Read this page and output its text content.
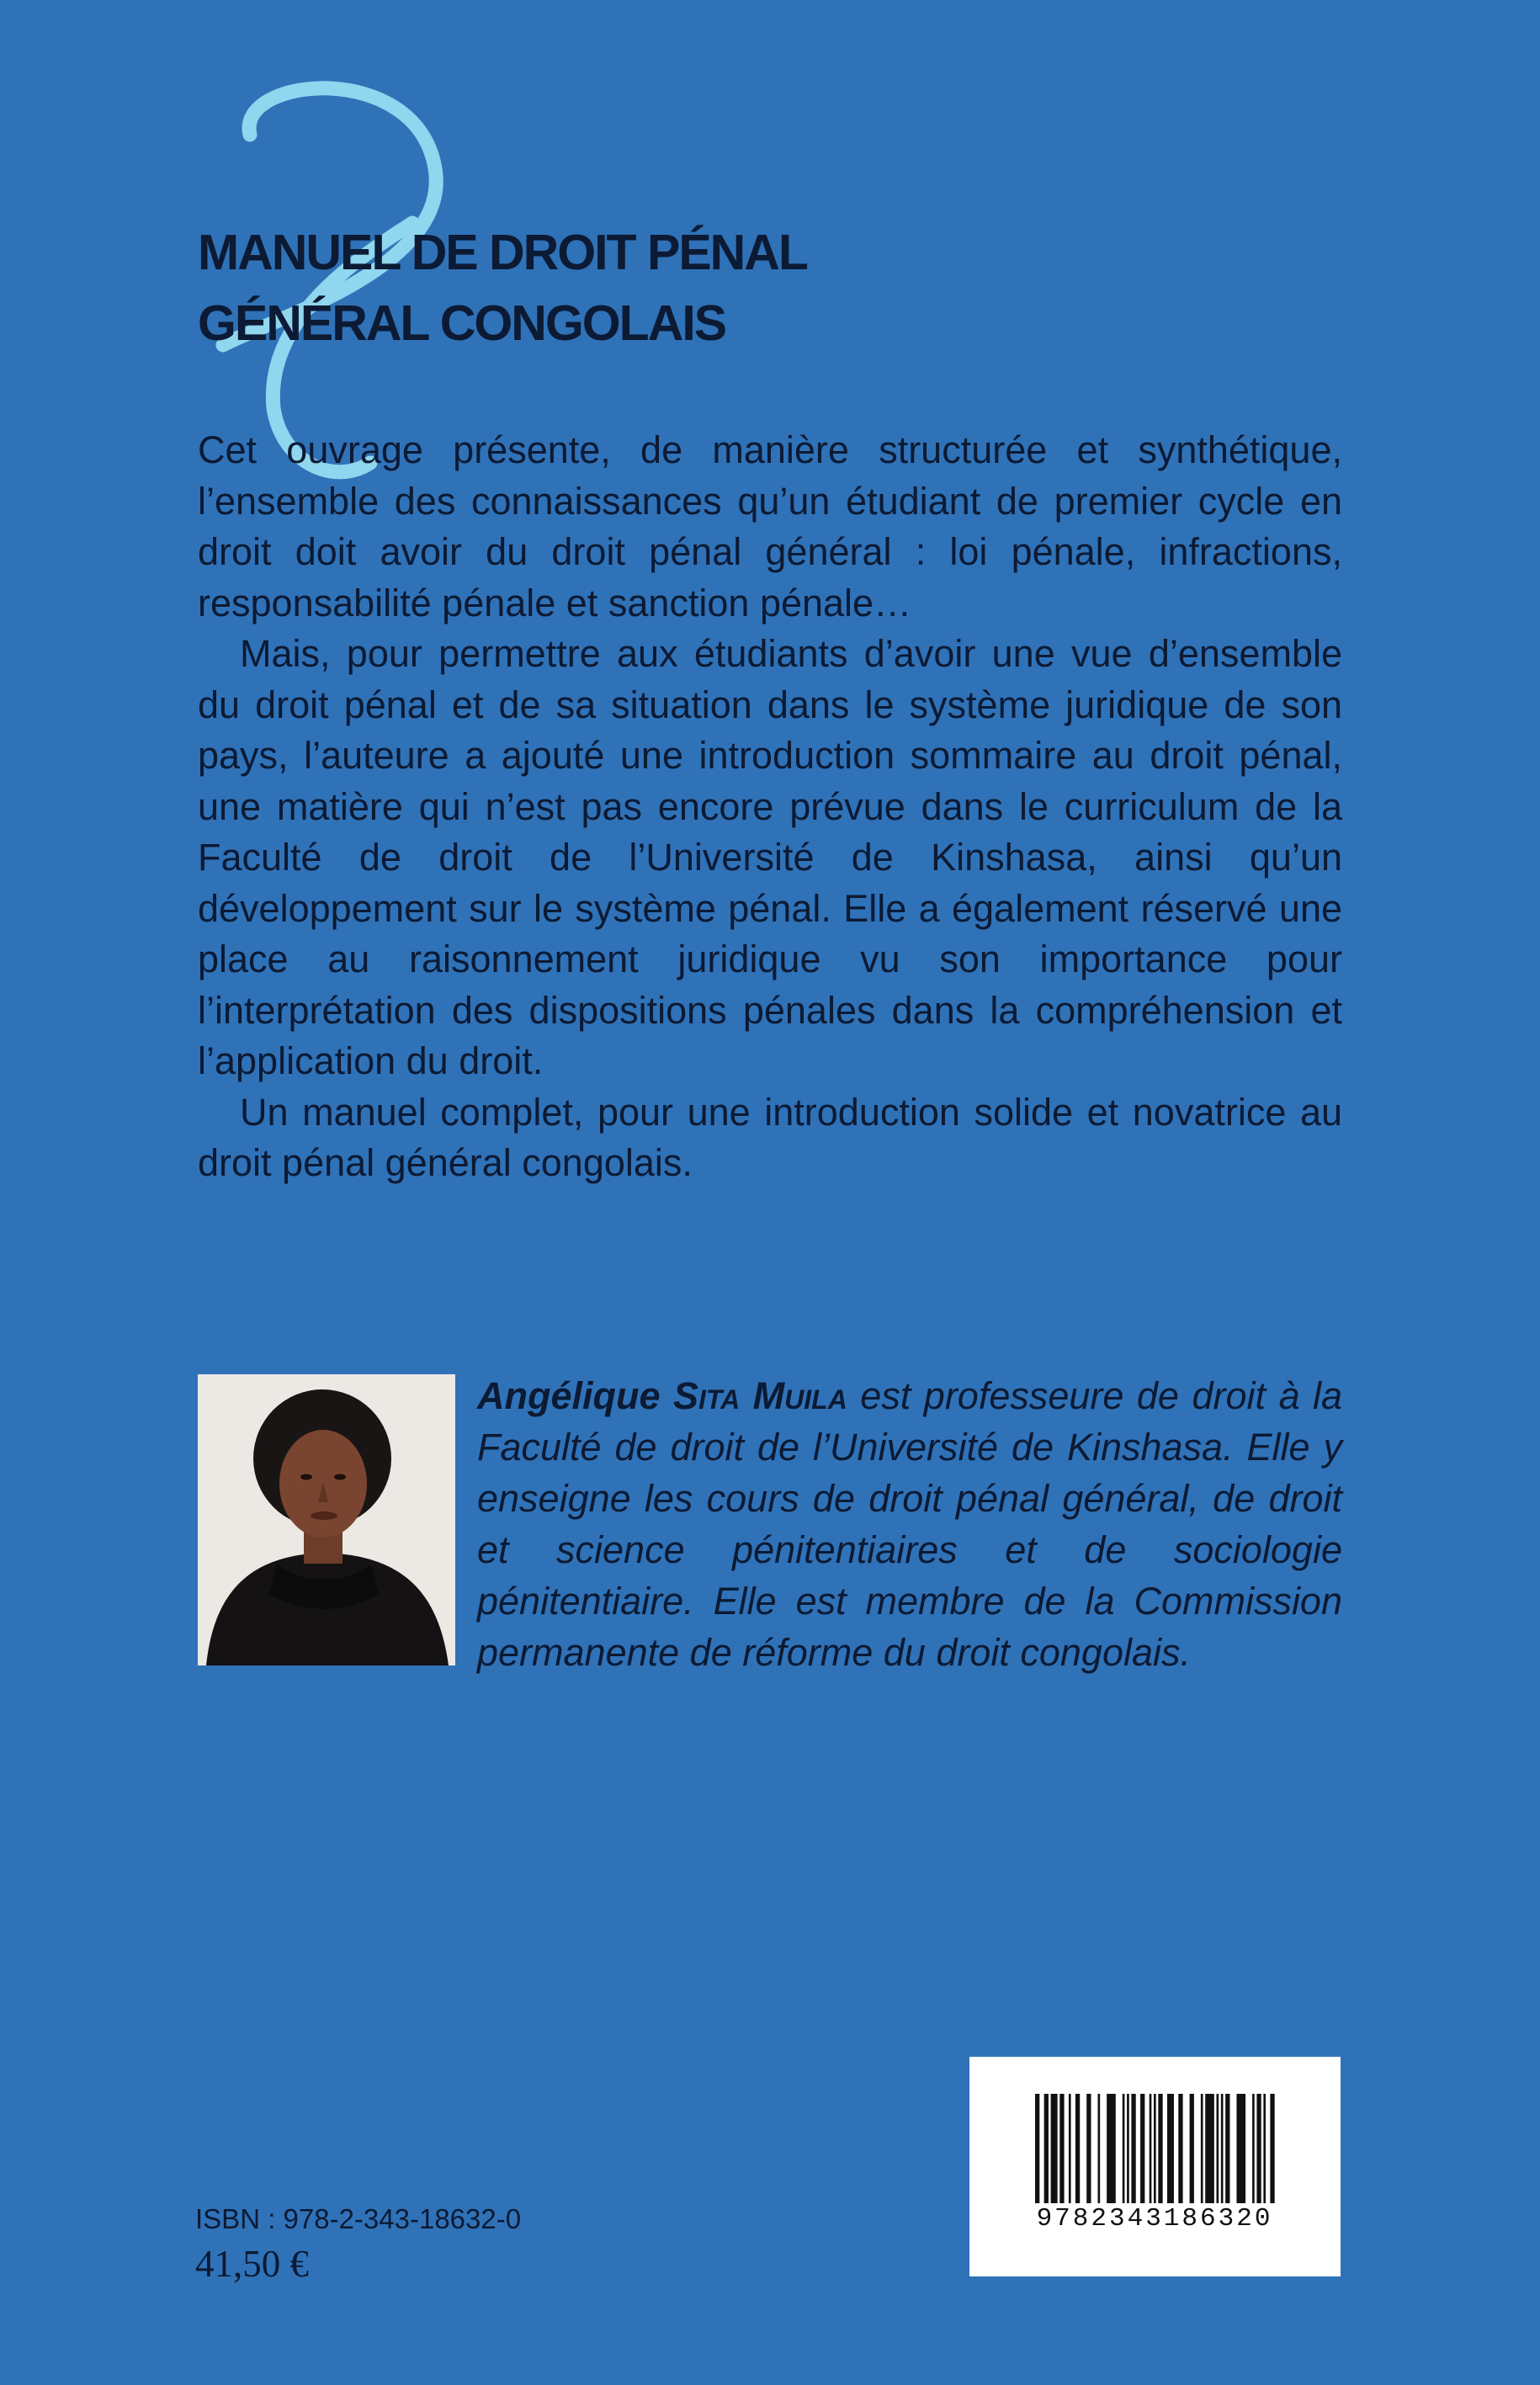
MANUEL DE DROIT PÉNAL
GÉNÉRAL CONGOLAIS

Cet ouvrage présente, de manière structurée et synthétique, l’ensemble des connaissances qu’un étudiant de premier cycle en droit doit avoir du droit pénal général : loi pénale, infractions, responsabilité pénale et sanction pénale…

Mais, pour permettre aux étudiants d’avoir une vue d’ensemble du droit pénal et de sa situation dans le système juridique de son pays, l’auteure a ajouté une introduction sommaire au droit pénal, une matière qui n’est pas encore prévue dans le curriculum de la Faculté de droit de l’Université de Kinshasa, ainsi qu’un développement sur le système pénal. Elle a également réservé une place au raisonnement juridique vu son importance pour l’interprétation des dispositions pénales dans la compréhension et l’application du droit.

Un manuel complet, pour une introduction solide et novatrice au droit pénal général congolais.

Angélique Sita Muila est professeure de droit à la Faculté de droit de l’Université de Kinshasa. Elle y enseigne les cours de droit pénal général, de droit et science pénitentiaires et de sociologie pénitentiaire. Elle est membre de la Commission permanente de réforme du droit congolais.
ISBN : 978-2-343-18632-0
41,50 €
9782343186320
